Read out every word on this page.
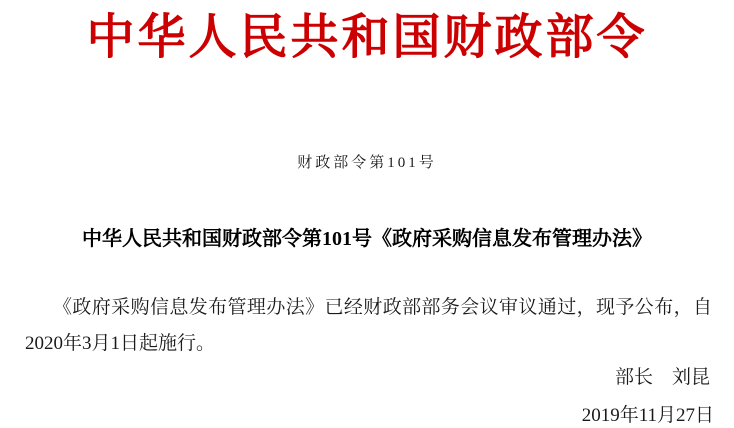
中华人民共和国财政部令
财政部令第101号
中华人民共和国财政部令第101号《政府采购信息发布管理办法》

《政府采购信息发布管理办法》已经财政部部务会议审议通过，现予公布，自

2020年3月1日起施行。

部长 刘昆
2019年11月27日
